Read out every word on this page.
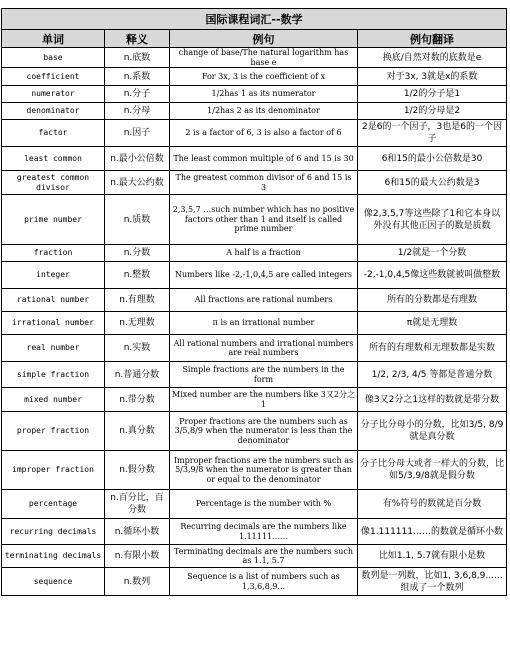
国际课程词汇--数学			
单词	释义	例句	例句翻译
base	n.底数	change of base/The natural logarithm has base e	换底/自然对数的底数是e
coefficient	n.系数	For 3x, 3 is the coefficient of x	对于3x, 3就是x的系数
numerator	n.分子	1/2has 1 as its numerator	1/2的分子是1
denominator	n.分母	1/2has 2 as its denominator	1/2的分母是2
factor	n.因子	2 is a factor of 6, 3 is also a factor of 6	2是6的一个因子，3也是6的一个因子
least common	n.最小公倍数	The least common multiple of 6 and 15 is 30	6和15的最小公倍数是30
greatest common divisor	n.最大公约数	The greatest common divisor of 6 and 15 is 3	6和15的最大公约数是3
prime number	n.质数	2,3,5,7 …such number which has no positive factors other than 1 and itself is called prime number	像2,3,5,7等这些除了1和它本身以外没有其他正因子的数是质数
fraction	n.分数	A half is a fraction	1/2就是一个分数
integer	n.整数	Numbers like -2,-1,0,4,5 are called integers	-2,-1,0,4,5像这些数就被叫做整数
rational number	n.有理数	All fractions are rational numbers	所有的分数都是有理数
irrational number	n.无理数	π is an irrational number	π就是无理数
real number	n.实数	All rational numbers and irrational numbers are real numbers	所有的有理数和无理数都是实数
simple fraction	n.普通分数	Simple fractions are the numbers in the form	1/2, 2/3, 4/5 等都是普通分数
mixed number	n.带分数	Mixed number are the numbers like 3又2分之1	像3又2分之1这样的数就是带分数
proper fraction	n.真分数	Proper fractions are the numbers such as 3/5,8/9 when the numerator is less than the denominator	分子比分母小的分数，比如3/5, 8/9就是真分数
improper fraction	n.假分数	Improper fractions are the numbers such as 5/3,9/8 when the numerator is greater than or equal to the denominator	分子比分母大或者一样大的分数，比如5/3,9/8就是假分数
percentage	n.百分比，百分数	Percentage is the number with %	有%符号的数就是百分数
recurring decimals	n.循环小数	Recurring decimals are the numbers like 1.11111……	像1.111111……的数就是循环小数
terminating decimals	n.有限小数	Terminating decimals are the numbers such as 1.1, 5.7	比如1.1, 5.7就有限小是数
sequence	n.数列	Sequence is a list of numbers such as 1,3,6,8,9...	数列是一列数，比如1, 3,6,8,9......组成了一个数列
